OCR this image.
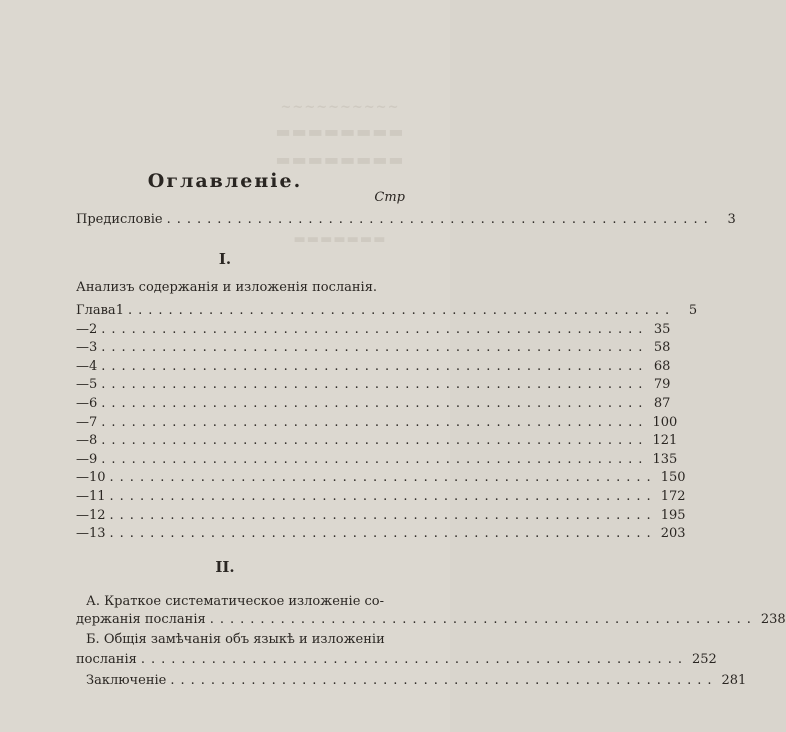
~~~~~~~~~~
▬▬▬▬▬▬▬▬
▬▬▬▬▬▬▬▬
▬▬▬▬▬▬▬
Оглавленіе.
Стр
Предисловіе ......................................................	3
I.
Анализъ содержанія и изложенія посланія.
Глава 1 ......................................................	5
— 2 ...................................................... 35
— 3 ...................................................... 58
— 4 ...................................................... 68
— 5 ...................................................... 79
— 6 ...................................................... 87
— 7 ...................................................... 100
— 8 ...................................................... 121
— 9 ...................................................... 135
— 10 ...................................................... 150
— 11 ...................................................... 172
— 12 ...................................................... 195
— 13 ...................................................... 203
II.
А. Краткое систематическое изложеніе со-
держанія посланія ...................................................... 238
Б. Общія замѣчанія объ языкѣ и изложеніи
посланія ...................................................... 252
Заключеніе ...................................................... 281
